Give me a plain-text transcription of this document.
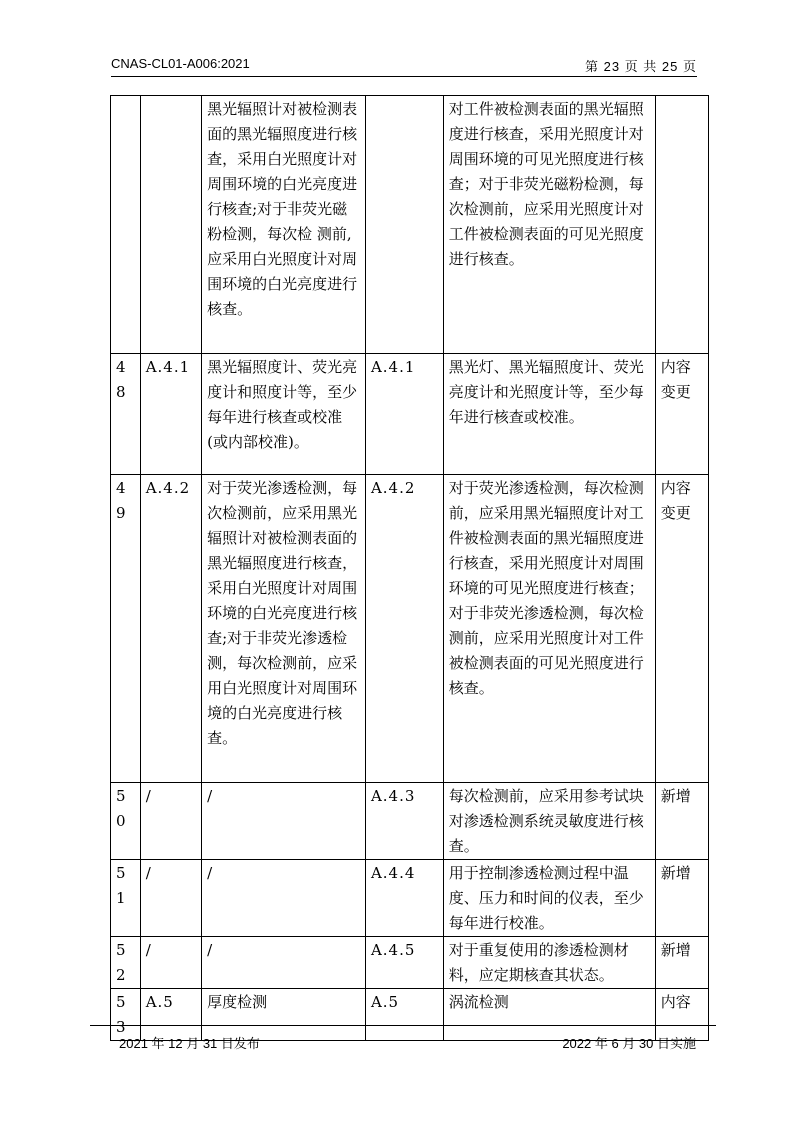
CNAS-CL01-A006:2021	第 23 页 共 25 页
		黑光辐照计对被检测表面的黑光辐照度进行核查，采用白光照度计对周围环境的白光亮度进行核查;对于非荧光磁粉检测，每次检 测前,应采用白光照度计对周围环境的白光亮度进行核查。		对工件被检测表面的黑光辐照度进行核查，采用光照度计对周围环境的可见光照度进行核查；对于非荧光磁粉检测，每次检测前，应采用光照度计对工件被检测表面的可见光照度进行核查。	
48	A.4.1	黑光辐照度计、荧光亮度计和照度计等，至少每年进行核查或校准(或内部校准)。	A.4.1	黑光灯、黑光辐照度计、荧光亮度计和光照度计等，至少每年进行核查或校准。	内容变更
49	A.4.2	对于荧光渗透检测，每次检测前，应采用黑光辐照计对被检测表面的黑光辐照度进行核查，采用白光照度计对周围环境的白光亮度进行核查;对于非荧光渗透检测，每次检测前，应采用白光照度计对周围环境的白光亮度进行核查。	A.4.2	对于荧光渗透检测，每次检测前，应采用黑光辐照度计对工件被检测表面的黑光辐照度进行核查，采用光照度计对周围环境的可见光照度进行核查；对于非荧光渗透检测，每次检测前，应采用光照度计对工件被检测表面的可见光照度进行核查。	内容变更
50	/	/	A.4.3	每次检测前，应采用参考试块对渗透检测系统灵敏度进行核查。	新增
51	/	/	A.4.4	用于控制渗透检测过程中温度、压力和时间的仪表，至少每年进行校准。	新增
52	/	/	A.4.5	对于重复使用的渗透检测材料，应定期核查其状态。	新增
53	A.5	厚度检测	A.5	涡流检测	内容
2021 年 12 月 31 日发布	2022 年 6 月 30 日实施
